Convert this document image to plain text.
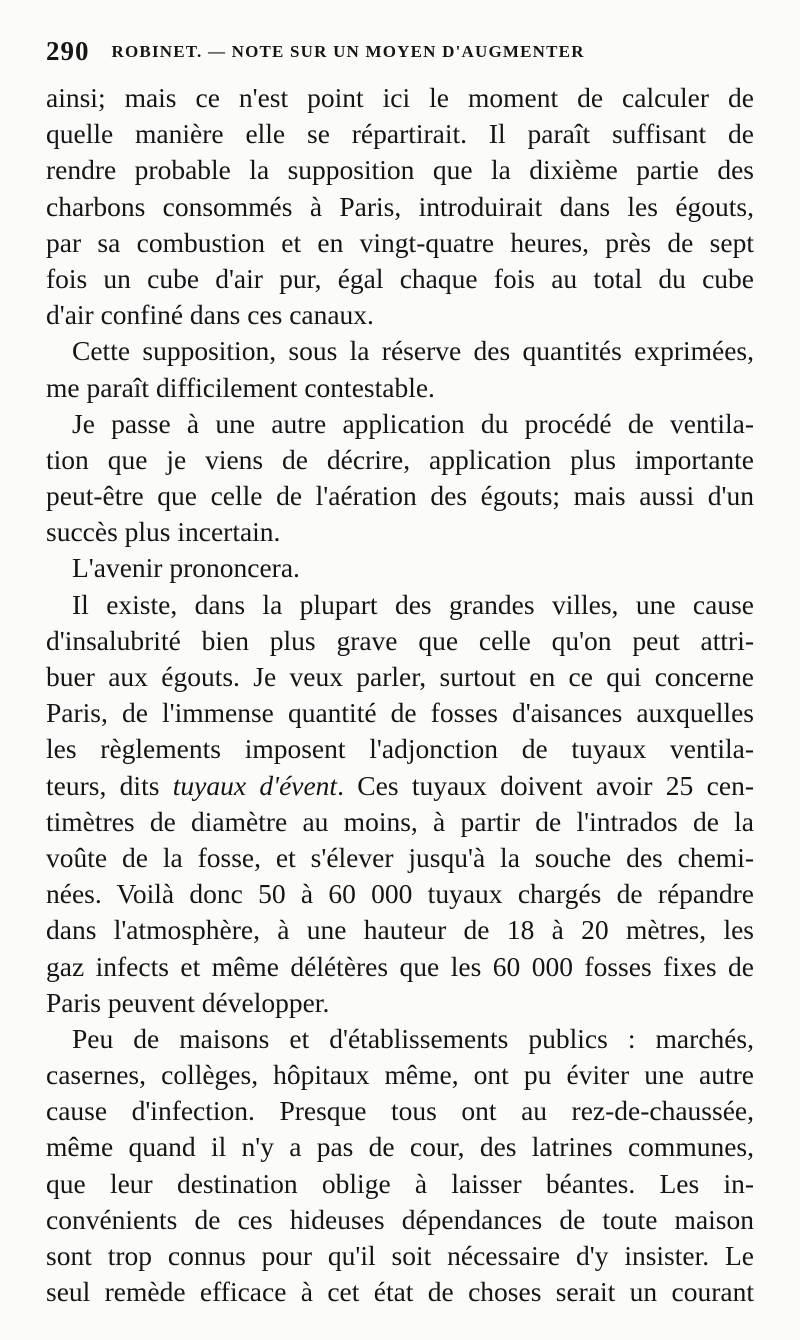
290 ROBINET. — NOTE SUR UN MOYEN D'AUGMENTER
ainsi; mais ce n'est point ici le moment de calculer de
quelle manière elle se répartirait. Il paraît suffisant de
rendre probable la supposition que la dixième partie des
charbons consommés à Paris, introduirait dans les égouts,
par sa combustion et en vingt-quatre heures, près de sept
fois un cube d'air pur, égal chaque fois au total du cube
d'air confiné dans ces canaux.
Cette supposition, sous la réserve des quantités exprimées,
me paraît difficilement contestable.
Je passe à une autre application du procédé de ventila-
tion que je viens de décrire, application plus importante
peut-être que celle de l'aération des égouts; mais aussi d'un
succès plus incertain.
L'avenir prononcera.
Il existe, dans la plupart des grandes villes, une cause
d'insalubrité bien plus grave que celle qu'on peut attri-
buer aux égouts. Je veux parler, surtout en ce qui concerne
Paris, de l'immense quantité de fosses d'aisances auxquelles
les règlements imposent l'adjonction de tuyaux ventila-
teurs, dits tuyaux d'évent. Ces tuyaux doivent avoir 25 cen-
timètres de diamètre au moins, à partir de l'intrados de la
voûte de la fosse, et s'élever jusqu'à la souche des chemi-
nées. Voilà donc 50 à 60 000 tuyaux chargés de répandre
dans l'atmosphère, à une hauteur de 18 à 20 mètres, les
gaz infects et même délétères que les 60 000 fosses fixes de
Paris peuvent développer.
Peu de maisons et d'établissements publics : marchés,
casernes, collèges, hôpitaux même, ont pu éviter une autre
cause d'infection. Presque tous ont au rez-de-chaussée,
même quand il n'y a pas de cour, des latrines communes,
que leur destination oblige à laisser béantes. Les in-
convénients de ces hideuses dépendances de toute maison
sont trop connus pour qu'il soit nécessaire d'y insister. Le
seul remède efficace à cet état de choses serait un courant
